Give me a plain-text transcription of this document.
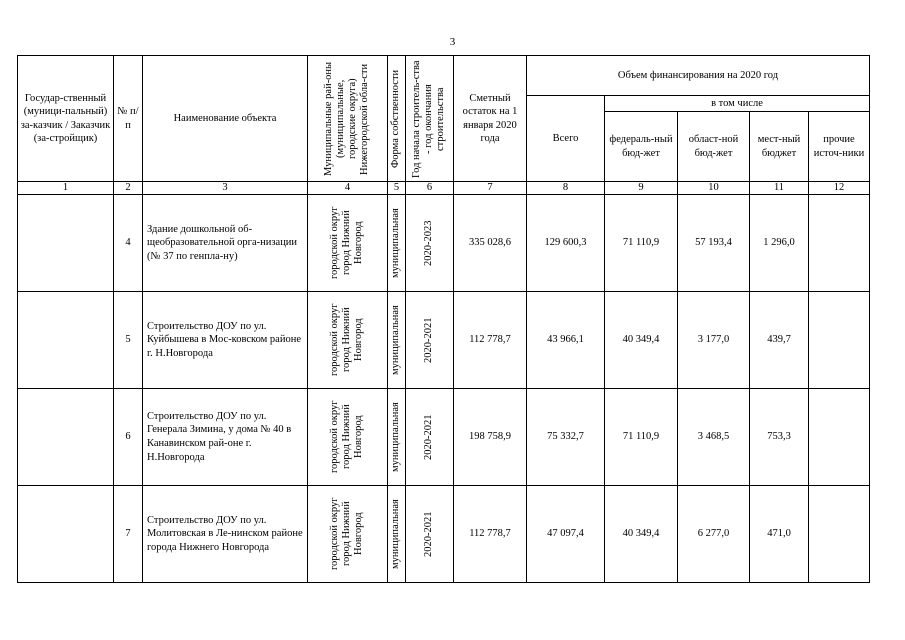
3
Государ-ственный (муници-пальный) за-казчик / Заказчик (за-стройщик)	№ п/п	Наименование объекта	Муниципальные рай-оны (муниципальные, городские округа) Нижегородской обла-сти	Форма собственности	Год начала строитель-ства - год окончания строительства	Сметный остаток на 1 января 2020 года	Объем финансирования на 2020 год				
							Всего	в том числе			
								федераль-ный бюд-жет	област-ной бюд-жет	мест-ный бюджет	прочие источ-ники
1	2	3	4	5	6	7	8	9	10	11	12
	4	Здание дошкольной об-щеобразовательной орга-низации (№ 37 по генпла-ну)	городской округ город Нижний Новгород	муниципальная	2020-2023	335 028,6	129 600,3	71 110,9	57 193,4	1 296,0	
	5	Строительство ДОУ по ул. Куйбышева в Мос-ковском районе г. Н.Новгорода	городской округ город Нижний Новгород	муниципальная	2020-2021	112 778,7	43 966,1	40 349,4	3 177,0	439,7	
	6	Строительство ДОУ по ул. Генерала Зимина, у дома № 40 в Канавинском рай-оне г. Н.Новгорода	городской округ город Нижний Новгород	муниципальная	2020-2021	198 758,9	75 332,7	71 110,9	3 468,5	753,3	
	7	Строительство ДОУ по ул. Молитовская в Ле-нинском районе города Нижнего Новгорода	городской округ город Нижний Новгород	муниципальная	2020-2021	112 778,7	47 097,4	40 349,4	6 277,0	471,0	
